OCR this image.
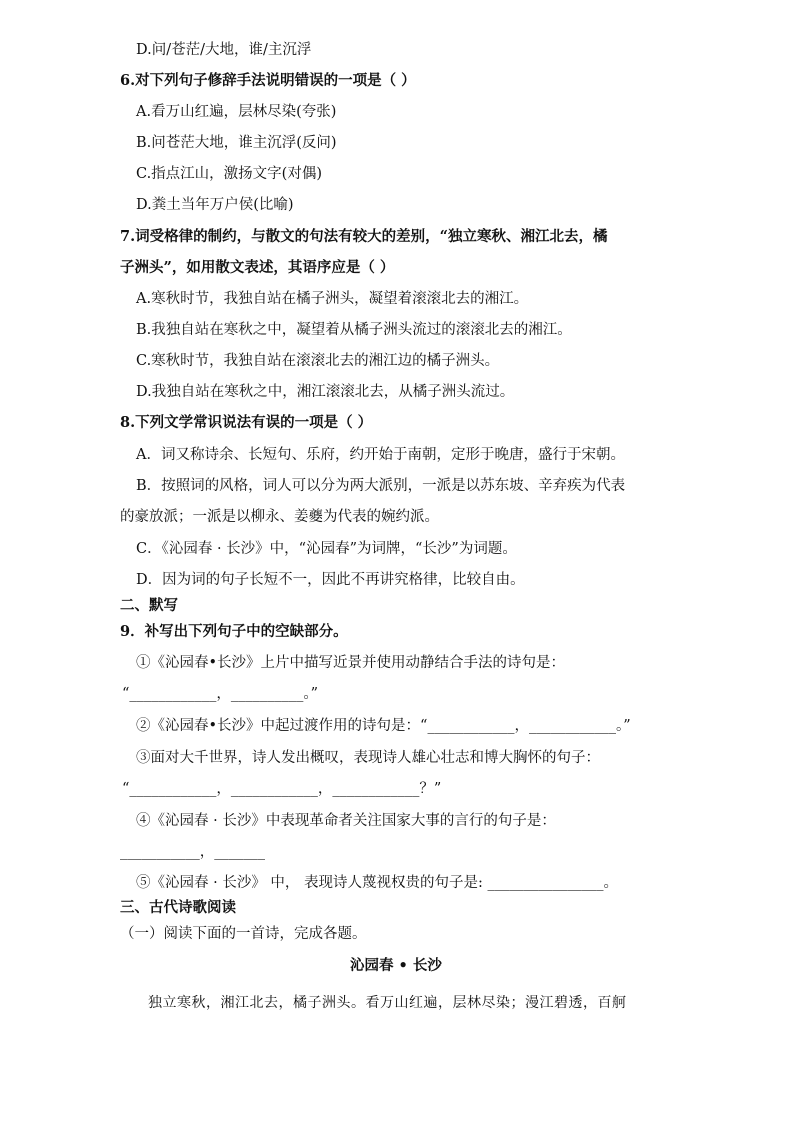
D.问/苍茫/大地，谁/主沉浮
6.对下列句子修辞手法说明错误的一项是（ ）
A.看万山红遍，层林尽染(夸张)
B.问苍茫大地，谁主沉浮(反问)
C.指点江山，激扬文字(对偶)
D.粪土当年万户侯(比喻)
7.词受格律的制约，与散文的句法有较大的差别，“独立寒秋、湘江北去，橘
子洲头”，如用散文表述，其语序应是（ ）
A.寒秋时节，我独自站在橘子洲头，凝望着滚滚北去的湘江。
B.我独自站在寒秋之中，凝望着从橘子洲头流过的滚滚北去的湘江。
C.寒秋时节，我独自站在滚滚北去的湘江边的橘子洲头。
D.我独自站在寒秋之中，湘江滚滚北去，从橘子洲头流过。
8.下列文学常识说法有误的一项是（ ）
A．词又称诗余、长短句、乐府，约开始于南朝，定形于晚唐，盛行于宋朝。
B．按照词的风格，词人可以分为两大派别，一派是以苏东坡、辛弃疾为代表
的豪放派；一派是以柳永、姜夔为代表的婉约派。
C．《沁园春 · 长沙》中，“沁园春”为词牌，“长沙”为词题。
D．因为词的句子长短不一，因此不再讲究格律，比较自由。
二、默写
9．补写出下列句子中的空缺部分。
①《沁园春•长沙》上片中描写近景并使用动静结合手法的诗句是：
“____________，__________。”
②《沁园春•长沙》中起过渡作用的诗句是：“____________，____________。”
③面对大千世界，诗人发出概叹，表现诗人雄心壮志和博大胸怀的句子：
“____________，____________，____________？”
④《沁园春 · 长沙》中表现革命者关注国家大事的言行的句子是：
___________，_______
⑤《沁园春 · 长沙》 中， 表现诗人蔑视权贵的句子是: ________________。
三、古代诗歌阅读
（一）阅读下面的一首诗，完成各题。
沁园春 • 长沙
独立寒秋，湘江北去，橘子洲头。看万山红遍，层林尽染；漫江碧透，百舸
